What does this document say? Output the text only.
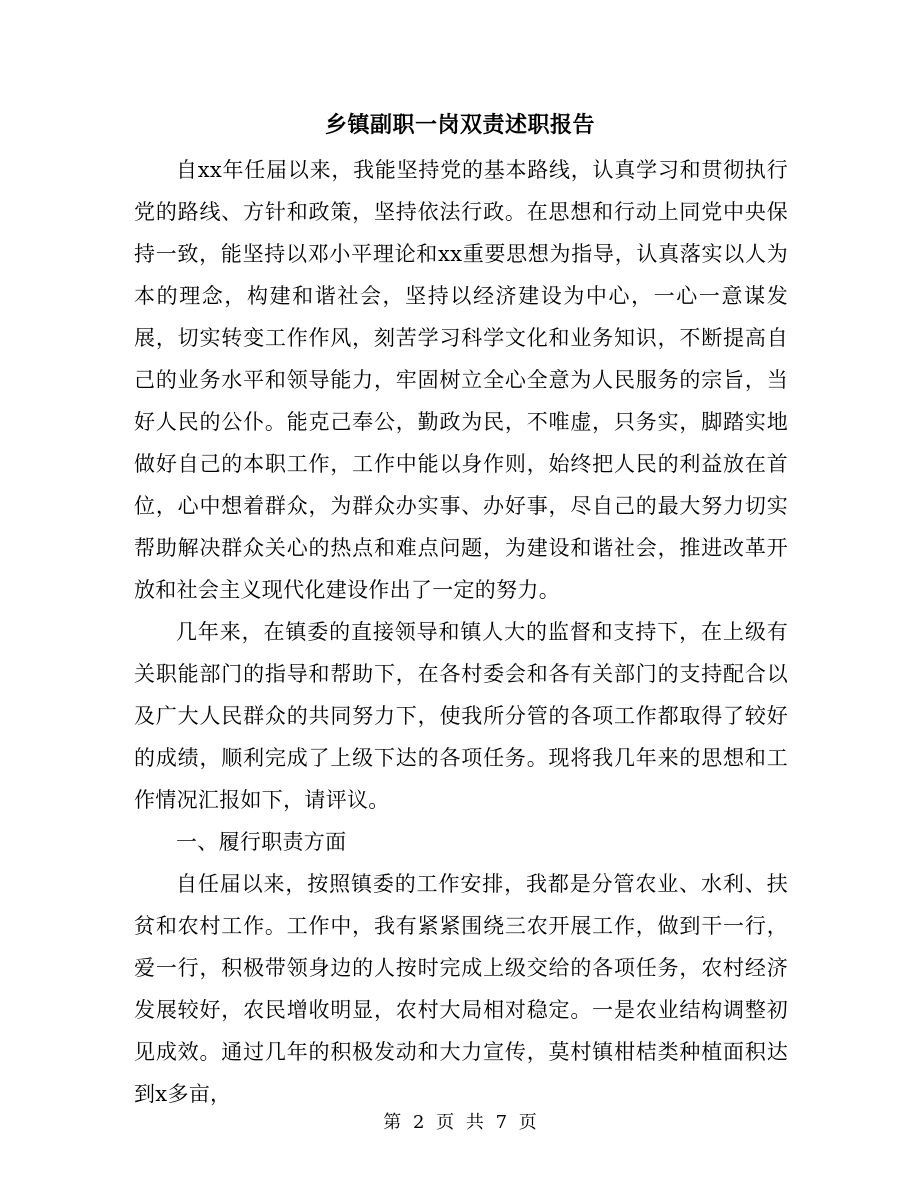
乡镇副职一岗双责述职报告

自xx年任届以来，我能坚持党的基本路线，认真学习和贯彻执行党的路线、方针和政策，坚持依法行政。在思想和行动上同党中央保持一致，能坚持以邓小平理论和xx重要思想为指导，认真落实以人为本的理念，构建和谐社会，坚持以经济建设为中心，一心一意谋发展，切实转变工作作风，刻苦学习科学文化和业务知识，不断提高自己的业务水平和领导能力，牢固树立全心全意为人民服务的宗旨，当好人民的公仆。能克己奉公，勤政为民，不唯虚，只务实，脚踏实地做好自己的本职工作，工作中能以身作则，始终把人民的利益放在首位，心中想着群众，为群众办实事、办好事，尽自己的最大努力切实帮助解决群众关心的热点和难点问题，为建设和谐社会，推进改革开放和社会主义现代化建设作出了一定的努力。

几年来，在镇委的直接领导和镇人大的监督和支持下，在上级有关职能部门的指导和帮助下，在各村委会和各有关部门的支持配合以及广大人民群众的共同努力下，使我所分管的各项工作都取得了较好的成绩，顺利完成了上级下达的各项任务。现将我几年来的思想和工作情况汇报如下，请评议。

一、履行职责方面

自任届以来，按照镇委的工作安排，我都是分管农业、水利、扶贫和农村工作。工作中，我有紧紧围绕三农开展工作，做到干一行，爱一行，积极带领身边的人按时完成上级交给的各项任务，农村经济发展较好，农民增收明显，农村大局相对稳定。一是农业结构调整初见成效。通过几年的积极发动和大力宣传，莫村镇柑桔类种植面积达到x多亩，

第 2 页 共 7 页
